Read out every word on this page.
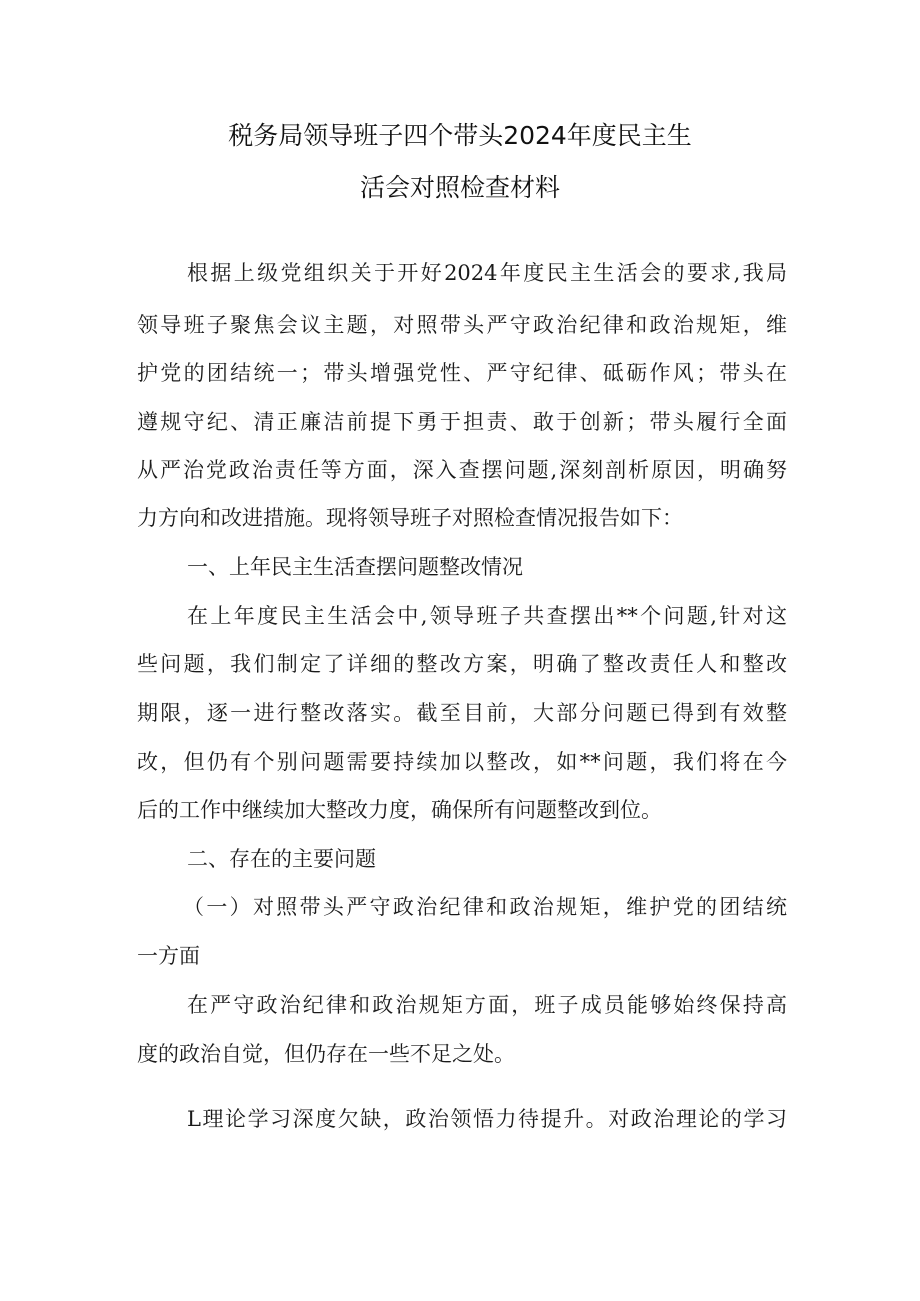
税务局领导班子四个带头2024年度民主生
活会对照检查材料
根据上级党组织关于开好2024年度民主生活会的要求,我局
领导班子聚焦会议主题，对照带头严守政治纪律和政治规矩，维
护党的团结统一；带头增强党性、严守纪律、砥砺作风；带头在
遵规守纪、清正廉洁前提下勇于担责、敢于创新；带头履行全面
从严治党政治责任等方面，深入查摆问题,深刻剖析原因，明确努
力方向和改进措施。现将领导班子对照检查情况报告如下：
一、上年民主生活查摆问题整改情况
在上年度民主生活会中,领导班子共查摆出**个问题,针对这
些问题，我们制定了详细的整改方案，明确了整改责任人和整改
期限，逐一进行整改落实。截至目前，大部分问题已得到有效整
改，但仍有个别问题需要持续加以整改，如**问题，我们将在今
后的工作中继续加大整改力度，确保所有问题整改到位。
二、存在的主要问题
（一）对照带头严守政治纪律和政治规矩，维护党的团结统
一方面
在严守政治纪律和政治规矩方面，班子成员能够始终保持高
度的政治自觉，但仍存在一些不足之处。
L理论学习深度欠缺，政治领悟力待提升。对政治理论的学习
